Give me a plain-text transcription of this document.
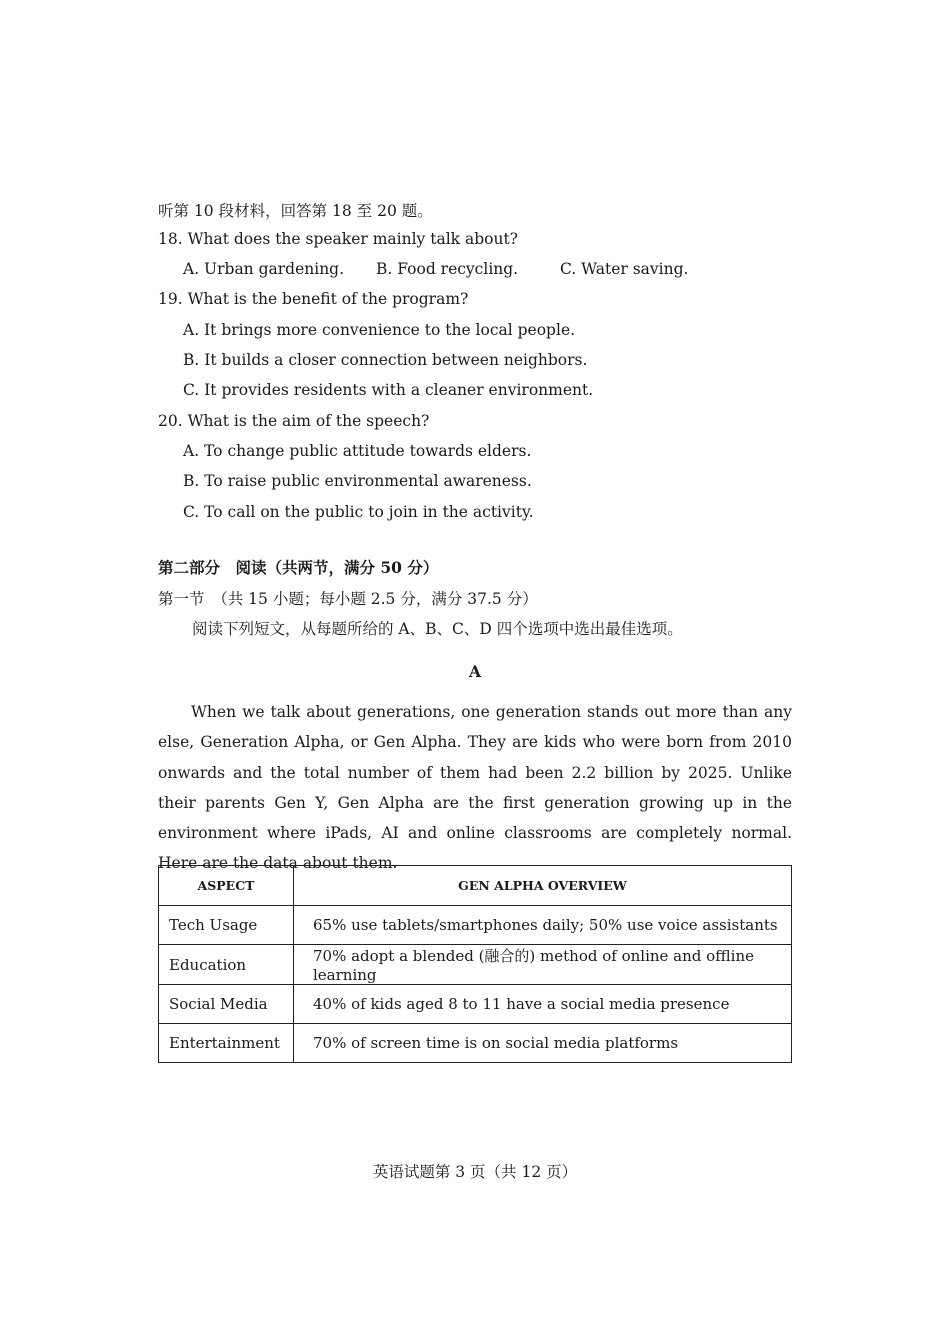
听第 10 段材料，回答第 18 至 20 题。
18. What does the speaker mainly talk about?
A. Urban gardening. B. Food recycling.	C. Water saving.
19. What is the benefit of the program?
A. It brings more convenience to the local people.
B. It builds a closer connection between neighbors.
C. It provides residents with a cleaner environment.
20. What is the aim of the speech?
A. To change public attitude towards elders.
B. To raise public environmental awareness.
C. To call on the public to join in the activity.
第二部分　阅读（共两节，满分 50 分）
第一节　（共 15 小题；每小题 2.5 分，满分 37.5 分）
阅读下列短文，从每题所给的 A、B、C、D 四个选项中选出最佳选项。
A
When we talk about generations, one generation stands out more than any else, Generation Alpha, or Gen Alpha. They are kids who were born from 2010 onwards and the total number of them had been 2.2 billion by 2025. Unlike their parents Gen Y, Gen Alpha are the first generation growing up in the environment where iPads, AI and online classrooms are completely normal. Here are the data about them.
ASPECT	GEN ALPHA OVERVIEW
Tech Usage	65% use tablets/smartphones daily; 50% use voice assistants
Education	70% adopt a blended (融合的) method of online and offline learning
Social Media	40% of kids aged 8 to 11 have a social media presence
Entertainment	70% of screen time is on social media platforms
英语试题第 3 页（共 12 页）
